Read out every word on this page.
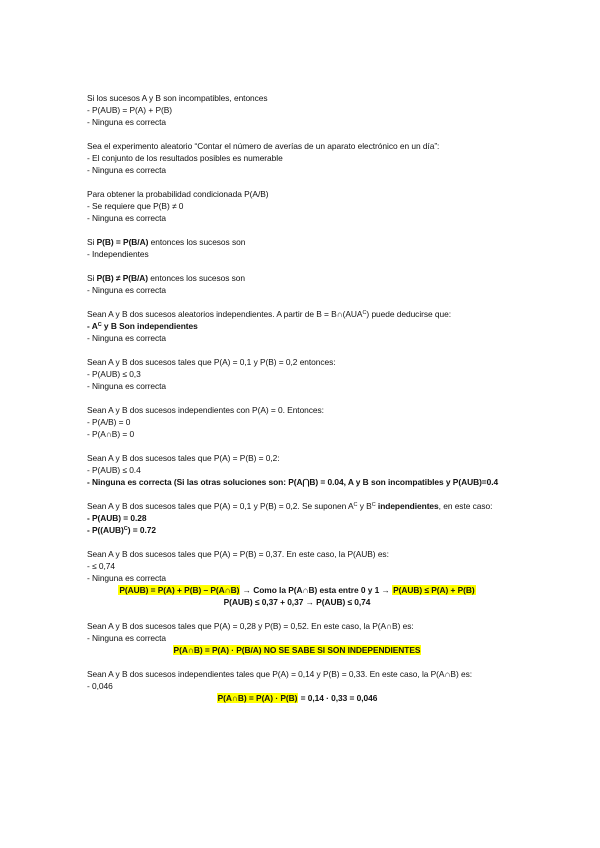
Si los sucesos A y B son incompatibles, entonces
- P(AUB) = P(A) + P(B)
- Ninguna es correcta
Sea el experimento aleatorio “Contar el número de averías de un aparato electrónico en un día”:
- El conjunto de los resultados posibles es numerable
- Ninguna es correcta
Para obtener la probabilidad condicionada P(A/B)
- Se requiere que P(B) ≠ 0
- Ninguna es correcta
Si P(B) = P(B/A) entonces los sucesos son
- Independientes
Si P(B) ≠ P(B/A) entonces los sucesos son
- Ninguna es correcta
Sean A y B dos sucesos aleatorios independientes. A partir de $B = B\cap(AUA^C)$ puede deducirse que:
- $A^C$ y B Son independientes
- Ninguna es correcta
Sean A y B dos sucesos tales que P(A) = 0,1 y P(B) = 0,2 entonces:
- P(AUB) ≤ 0,3
- Ninguna es correcta
Sean A y B dos sucesos independientes con P(A) = 0. Entonces:
- P(A/B) = 0
- P(A∩B) = 0
Sean A y B dos sucesos tales que P(A) = P(B) = 0,2:
- P(AUB) ≤ 0.4
- Ninguna es correcta (Si las otras soluciones son: P(A⋂B) = 0.04, A y B son incompatibles y P(AUB)=0.4
Sean A y B dos sucesos tales que P(A) = 0,1 y P(B) = 0,2. Se suponen $A^C$ y $B^C$ independientes, en este caso:
- P(AUB) = 0.28
- P((AUB)$^C$) = 0.72
Sean A y B dos sucesos tales que P(A) = P(B) = 0,37. En este caso, la P(AUB) es:
- ≤ 0,74
- Ninguna es correcta
P(AUB) = P(A) + P(B) – P(A∩B) → Como la P(A∩B) esta entre 0 y 1 → P(AUB) ≤ P(A) + P(B)
P(AUB) ≤ 0,37 + 0,37 → P(AUB) ≤ 0,74
Sean A y B dos sucesos tales que P(A) = 0,28 y P(B) = 0,52. En este caso, la P(A∩B) es:
- Ninguna es correcta
P(A∩B) = P(A) · P(B/A) NO SE SABE SI SON INDEPENDIENTES
Sean A y B dos sucesos independientes tales que P(A) = 0,14 y P(B) = 0,33. En este caso, la P(A∩B) es:
- 0,046
P(A∩B) = P(A) · P(B) = 0,14 · 0,33 = 0,046
